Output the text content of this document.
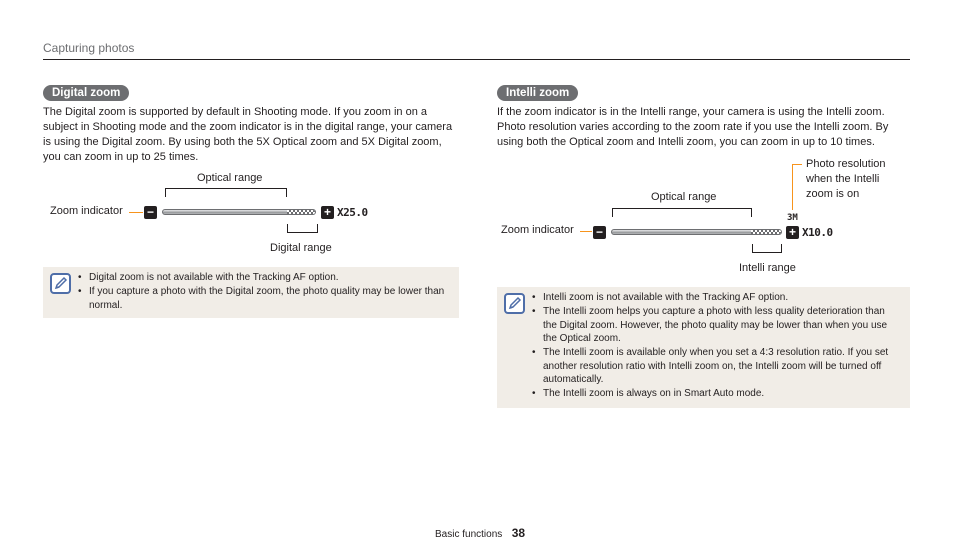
Capturing photos
Digital zoom
The Digital zoom is supported by default in Shooting mode. If you zoom in on a subject in Shooting mode and the zoom indicator is in the digital range, your camera is using the Digital zoom. By using both the 5X Optical zoom and 5X Digital zoom, you can zoom in up to 25 times.
Optical range
Zoom indicator −	+ X25.0
Digital range
• Digital zoom is not available with the Tracking AF option.
• If you capture a photo with the Digital zoom, the photo quality may be lower than normal.
Intelli zoom
If the zoom indicator is in the Intelli range, your camera is using the Intelli zoom. Photo resolution varies according to the zoom rate if you use the Intelli zoom. By using both the Optical zoom and Intelli zoom, you can zoom in up to 10 times.
Photo resolution when the Intelli zoom is on
Optical range
3M
Zoom indicator −	+ X10.0
Intelli range
• Intelli zoom is not available with the Tracking AF option.
• The Intelli zoom helps you capture a photo with less quality deterioration than the Digital zoom. However, the photo quality may be lower than when you use the Optical zoom.
• The Intelli zoom is available only when you set a 4:3 resolution ratio. If you set another resolution ratio with Intelli zoom on, the Intelli zoom will be turned off automatically.
• The Intelli zoom is always on in Smart Auto mode.
Basic functions 38
